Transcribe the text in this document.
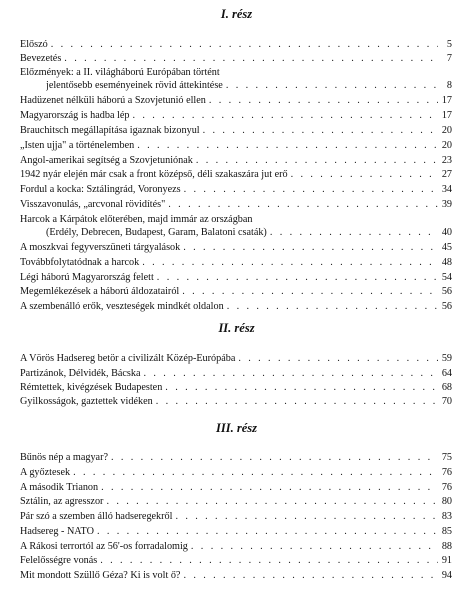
I. rész
Előszó . . .	5
Bevezetés . . .	7
Előzmények: a II. világháború Európában történt
jelentősebb eseményeinek rövid áttekintése . . .	8
Hadüzenet nélküli háború a Szovjetunió ellen . . .	17
Magyarország is hadba lép . . .	17
Brauchitsch megállapítása igaznak bizonyul . . .	20
„Isten ujja" a történelemben . . .	20
Angol-amerikai segítség a Szovjetuniónak . . .	23
1942 nyár elején már csak a front középső, déli szakaszára jut erő . . .	27
Fordul a kocka: Sztálingrád, Voronyezs . . .	34
Visszavonulás, „arcvonal rövidítés" . . .	39
Harcok a Kárpátok előterében, majd immár az országban
(Erdély, Debrecen, Budapest, Garam, Balatoni csaták) . . .	40
A moszkvai fegyverszüneti tárgyalások . . .	45
Továbbfolytatódnak a harcok . . .	48
Légi háború Magyarország felett . . .	54
Megemlékezések a háború áldozatairól . . .	56
A szembenálló erők, veszteségek mindkét oldalon . . .	56
II. rész
A Vörös Hadsereg betör a civilizált Közép-Európába . . .	59
Partizánok, Délvidék, Bácska . . .	64
Rémtettek, kivégzések Budapesten . . .	68
Gyilkosságok, gaztettek vidéken . . .	70
III. rész
Bűnös nép a magyar? . . .	75
A győztesek . . .	76
A második Trianon . . .	76
Sztálin, az agresszor . . .	80
Pár szó a szemben álló hadseregekről . . .	83
Hadsereg - NATO . . .	85
A Rákosi terrortól az 56'-os forradalomig . . .	88
Felelősségre vonás . . .	91
Mit mondott Szüllő Géza? Ki is volt ő? . . .	94
